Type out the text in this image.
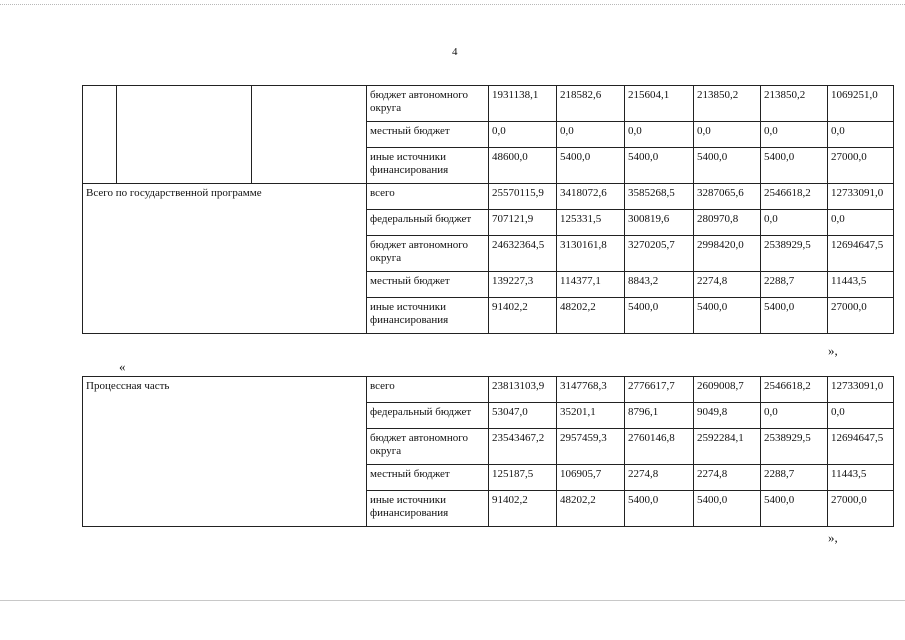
4
			бюджет автономного округа	1931138,1	218582,6	215604,1	213850,2	213850,2	1069251,0
			местный бюджет	0,0	0,0	0,0	0,0	0,0	0,0
			иные источники финансирования	48600,0	5400,0	5400,0	5400,0	5400,0	27000,0
Всего по государственной программе			всего	25570115,9	3418072,6	3585268,5	3287065,6	2546618,2	12733091,0
			федеральный бюджет	707121,9	125331,5	300819,6	280970,8	0,0	0,0
			бюджет автономного округа	24632364,5	3130161,8	3270205,7	2998420,0	2538929,5	12694647,5
			местный бюджет	139227,3	114377,1	8843,2	2274,8	2288,7	11443,5
			иные источники финансирования	91402,2	48202,2	5400,0	5400,0	5400,0	27000,0
»,
«
Процессная часть	всего	23813103,9	3147768,3	2776617,7	2609008,7	2546618,2	12733091,0
	федеральный бюджет	53047,0	35201,1	8796,1	9049,8	0,0	0,0
	бюджет автономного округа	23543467,2	2957459,3	2760146,8	2592284,1	2538929,5	12694647,5
	местный бюджет	125187,5	106905,7	2274,8	2274,8	2288,7	11443,5
	иные источники финансирования	91402,2	48202,2	5400,0	5400,0	5400,0	27000,0
»,
